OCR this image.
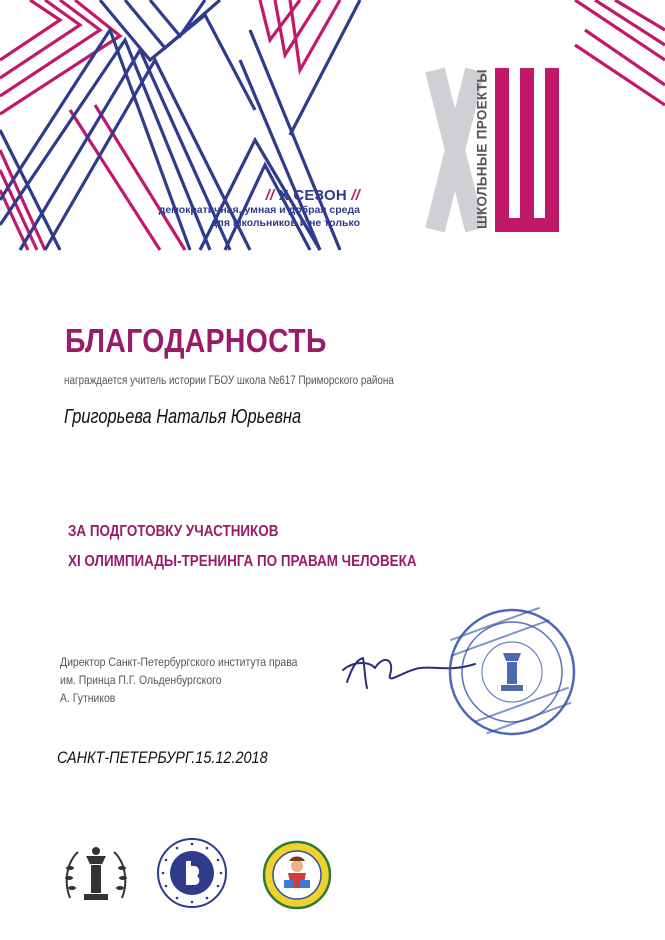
ШКОЛЬНЫЕ ПРОЕКТЫ
// X СЕЗОН //
демократичная, умная и добрая среда
для школьников и не только
БЛАГОДАРНОСТЬ
награждается учитель истории ГБОУ школа №617 Приморского района
Григорьева Наталья Юрьевна
ЗА ПОДГОТОВКУ УЧАСТНИКОВ
XI ОЛИМПИАДЫ-ТРЕНИНГА ПО ПРАВАМ ЧЕЛОВЕКА
Директор Санкт-Петербургского института права
им. Принца П.Г. Ольденбургского
А. Гутников
САНКТ-ПЕТЕРБУРГ.15.12.2018
